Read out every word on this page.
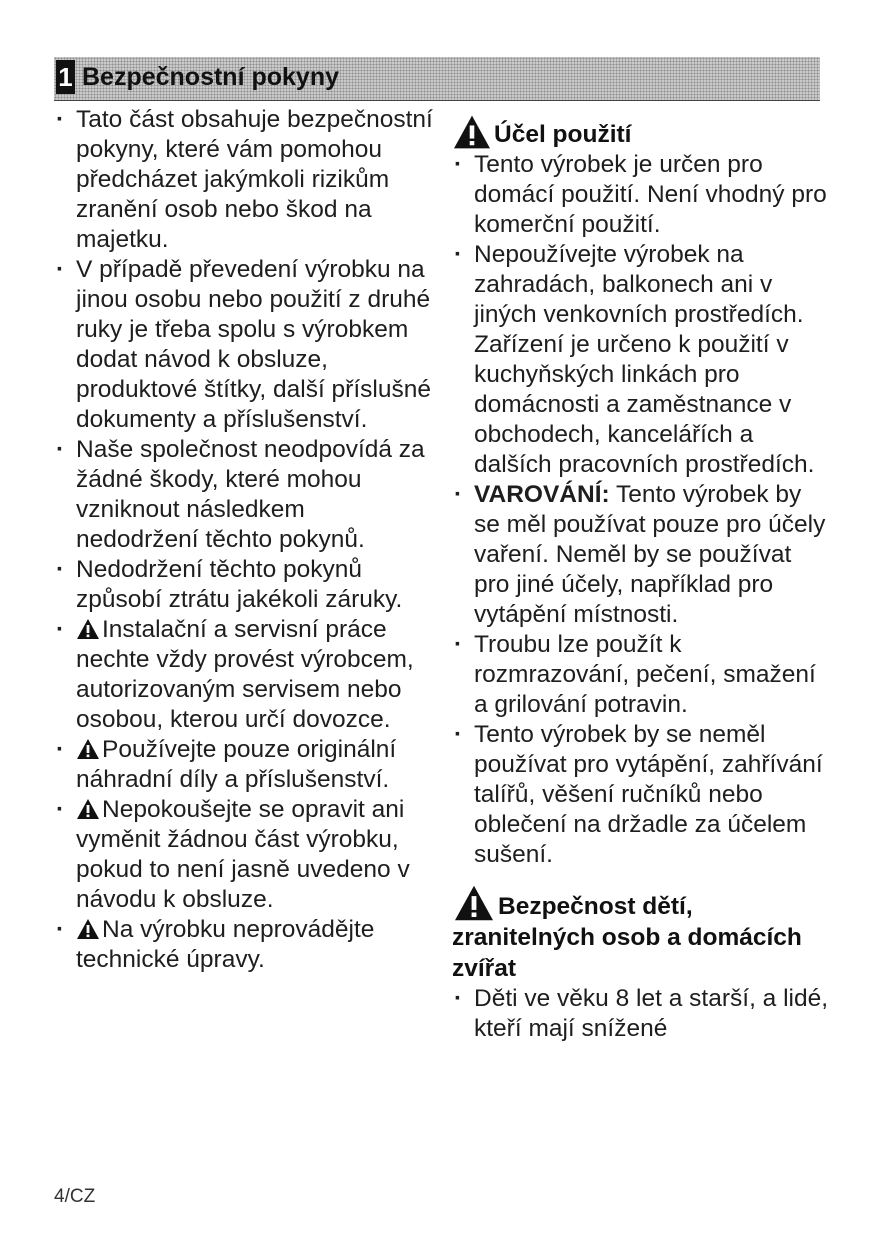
1 Bezpečnostní pokyny
· Tato část obsahuje bezpečnostní pokyny, které vám pomohou předcházet jakýmkoli rizikům zranění osob nebo škod na majetku.
· V případě převedení výrobku na jinou osobu nebo použití z druhé ruky je třeba spolu s výrobkem dodat návod k obsluze, produktové štítky, další příslušné dokumenty a příslušenství.
· Naše společnost neodpovídá za žádné škody, které mohou vzniknout následkem nedodržení těchto pokynů.
· Nedodržení těchto pokynů způsobí ztrátu jakékoli záruky.
· Instalační a servisní práce nechte vždy provést výrobcem, autorizovaným servisem nebo osobou, kterou určí dovozce.
· Používejte pouze originální náhradní díly a příslušenství.
· Nepokoušejte se opravit ani vyměnit žádnou část výrobku, pokud to není jasně uvedeno v návodu k obsluze.
· Na výrobku neprovádějte technické úpravy.
Účel použití
· Tento výrobek je určen pro domácí použití. Není vhodný pro komerční použití.
· Nepoužívejte výrobek na zahradách, balkonech ani v jiných venkovních prostředích. Zařízení je určeno k použití v kuchyňských linkách pro domácnosti a zaměstnance v obchodech, kancelářích a dalších pracovních prostředích.
· VAROVÁNÍ: Tento výrobek by se měl používat pouze pro účely vaření. Neměl by se používat pro jiné účely, například pro vytápění místnosti.
· Troubu lze použít k rozmrazování, pečení, smažení a grilování potravin.
· Tento výrobek by se neměl používat pro vytápění, zahřívání talířů, věšení ručníků nebo oblečení na držadle za účelem sušení.
Bezpečnost dětí,
zranitelných osob a domácích
zvířat
· Děti ve věku 8 let a starší, a lidé, kteří mají snížené
4/CZ
